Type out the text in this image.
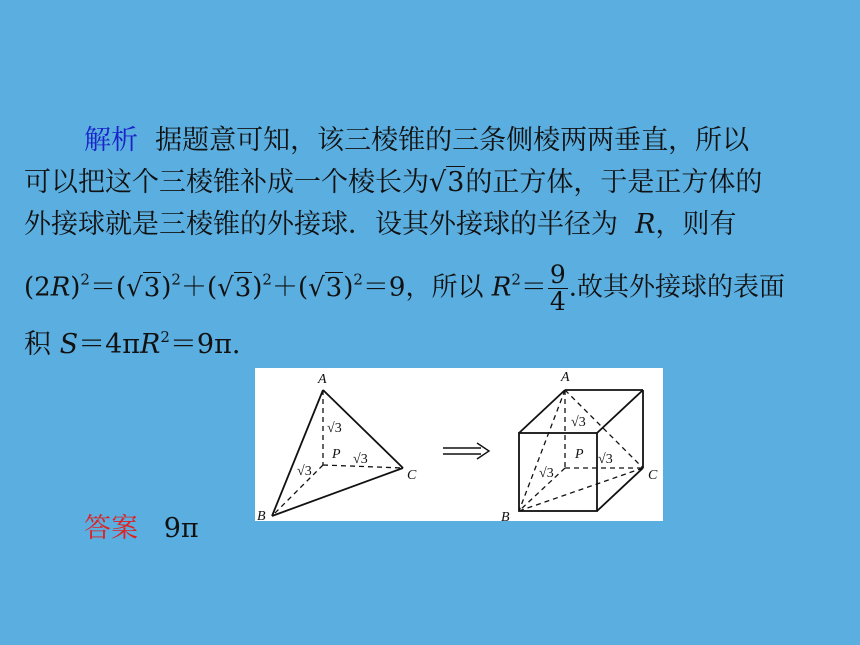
解析 据题意可知，该三棱锥的三条侧棱两两垂直，所以
可以把这个三棱锥补成一个棱长为√3的正方体，于是正方体的
外接球就是三棱锥的外接球．设其外接球的半径为 R，则有
$(2R)^2=(√3)^2+(√3)^2+(√3)^2=9$，所以 $R^2= \frac{9}{4}$ .故其外接球的表面
积 $S=4\pi R^2=9\pi$.
A
B
C
P
√3
√3
√3
A
B
C
P
√3
√3
√3
答案 9π
